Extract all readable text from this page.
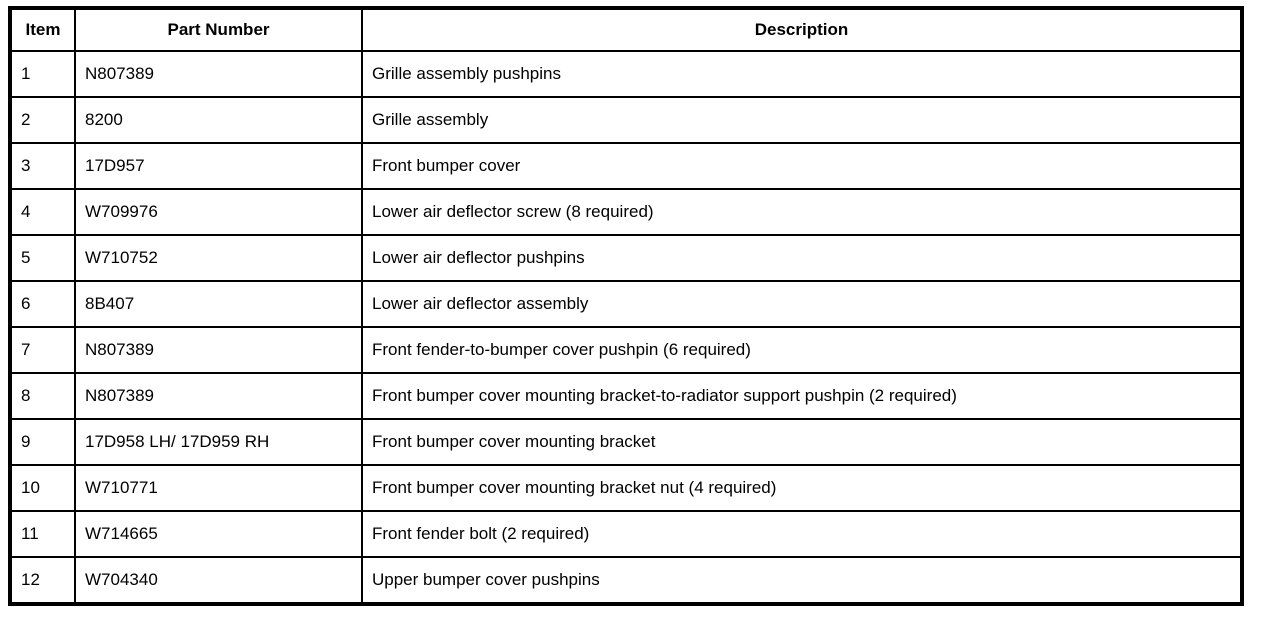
Item	Part Number	Description
1	N807389	Grille assembly pushpins
2	8200	Grille assembly
3	17D957	Front bumper cover
4	W709976	Lower air deflector screw (8 required)
5	W710752	Lower air deflector pushpins
6	8B407	Lower air deflector assembly
7	N807389	Front fender-to-bumper cover pushpin (6 required)
8	N807389	Front bumper cover mounting bracket-to-radiator support pushpin (2 required)
9	17D958 LH/ 17D959 RH	Front bumper cover mounting bracket
10	W710771	Front bumper cover mounting bracket nut (4 required)
11	W714665	Front fender bolt (2 required)
12	W704340	Upper bumper cover pushpins
